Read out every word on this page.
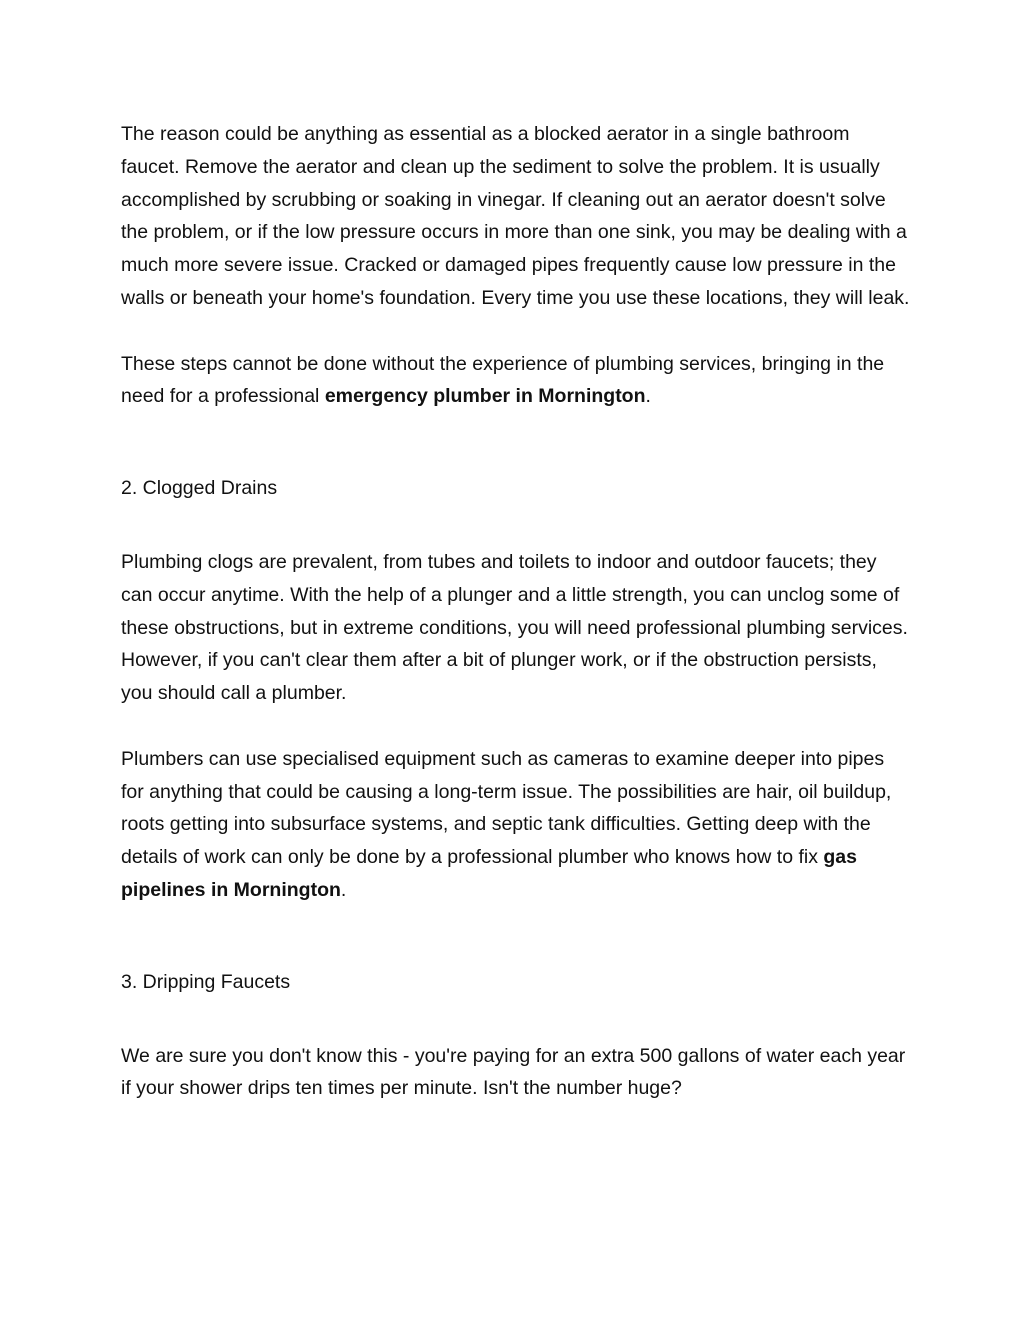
The reason could be anything as essential as a blocked aerator in a single bathroom faucet. Remove the aerator and clean up the sediment to solve the problem. It is usually accomplished by scrubbing or soaking in vinegar. If cleaning out an aerator doesn't solve the problem, or if the low pressure occurs in more than one sink, you may be dealing with a much more severe issue. Cracked or damaged pipes frequently cause low pressure in the walls or beneath your home's foundation. Every time you use these locations, they will leak.

These steps cannot be done without the experience of plumbing services, bringing in the need for a professional emergency plumber in Mornington.

2. Clogged Drains

Plumbing clogs are prevalent, from tubes and toilets to indoor and outdoor faucets; they can occur anytime. With the help of a plunger and a little strength, you can unclog some of these obstructions, but in extreme conditions, you will need professional plumbing services. However, if you can't clear them after a bit of plunger work, or if the obstruction persists, you should call a plumber.

Plumbers can use specialised equipment such as cameras to examine deeper into pipes for anything that could be causing a long-term issue. The possibilities are hair, oil buildup, roots getting into subsurface systems, and septic tank difficulties. Getting deep with the details of work can only be done by a professional plumber who knows how to fix gas pipelines in Mornington.

3. Dripping Faucets

We are sure you don't know this - you're paying for an extra 500 gallons of water each year if your shower drips ten times per minute. Isn't the number huge?
